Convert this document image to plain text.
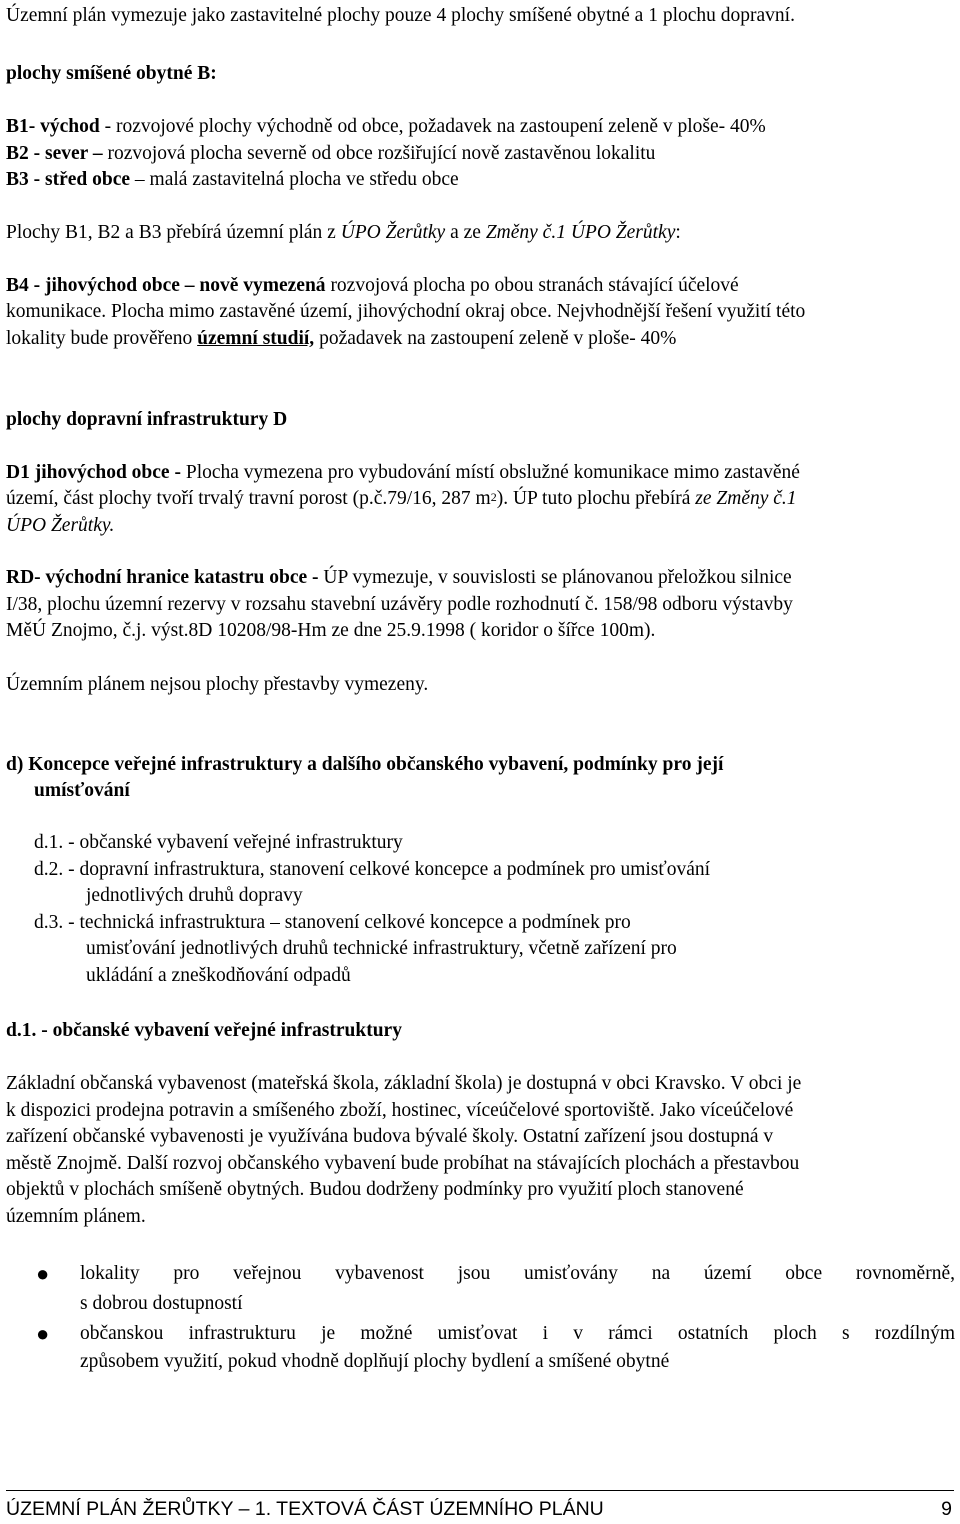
Územní plán vymezuje jako zastavitelné plochy pouze 4 plochy smíšené obytné a 1 plochu dopravní.
plochy smíšené obytné B:
B1- východ - rozvojové plochy východně od obce, požadavek na zastoupení zeleně v ploše- 40%
B2 - sever – rozvojová plocha severně od obce rozšiřující nově zastavěnou lokalitu
B3 - střed obce – malá zastavitelná plocha ve středu obce
Plochy B1, B2 a B3 přebírá územní plán z ÚPO Žerůtky a ze Změny č.1 ÚPO Žerůtky:
B4 - jihovýchod obce – nově vymezená rozvojová plocha po obou stranách stávající účelové
komunikace. Plocha mimo zastavěné území, jihovýchodní okraj obce. Nejvhodnější řešení využití této
lokality bude prověřeno územní studií, požadavek na zastoupení zeleně v ploše- 40%
plochy dopravní infrastruktury D
D1 jihovýchod obce - Plocha vymezena pro vybudování místí obslužné komunikace mimo zastavěné
území, část plochy tvoří trvalý travní porost (p.č.79/16, 287 $m^2$). ÚP tuto plochu přebírá ze Změny č.1
ÚPO Žerůtky.
RD- východní hranice katastru obce - ÚP vymezuje, v souvislosti se plánovanou přeložkou silnice
I/38, plochu územní rezervy v rozsahu stavební uzávěry podle rozhodnutí č. 158/98 odboru výstavby
MěÚ Znojmo, č.j. výst.8D 10208/98-Hm ze dne 25.9.1998 ( koridor o šířce 100m).
Územním plánem nejsou plochy přestavby vymezeny.
d) Koncepce veřejné infrastruktury a dalšího občanského vybavení, podmínky pro její
umísťování
d.1. - občanské vybavení veřejné infrastruktury
d.2. - dopravní infrastruktura, stanovení celkové koncepce a podmínek pro umisťování
jednotlivých druhů dopravy
d.3. - technická infrastruktura – stanovení celkové koncepce a podmínek pro
umisťování jednotlivých druhů technické infrastruktury, včetně zařízení pro
ukládání a zneškodňování odpadů
d.1. - občanské vybavení veřejné infrastruktury
Základní občanská vybavenost (mateřská škola, základní škola) je dostupná v obci Kravsko. V obci je
k dispozici prodejna potravin a smíšeného zboží, hostinec, víceúčelové sportoviště. Jako víceúčelové
zařízení občanské vybavenosti je využívána budova bývalé školy. Ostatní zařízení jsou dostupná v
městě Znojmě. Další rozvoj občanského vybavení bude probíhat na stávajících plochách a přestavbou
objektů v plochách smíšeně obytných. Budou dodrženy podmínky pro využití ploch stanovené
územním plánem.
● lokality pro veřejnou vybavenost jsou umisťovány na území obce rovnoměrně,
s dobrou dostupností
● občanskou infrastrukturu je možné umisťovat i v rámci ostatních ploch s rozdílným
způsobem využití, pokud vhodně doplňují plochy bydlení a smíšené obytné
ÚZEMNÍ PLÁN ŽERŮTKY – 1. TEXTOVÁ ČÁST ÚZEMNÍHO PLÁNU	9
